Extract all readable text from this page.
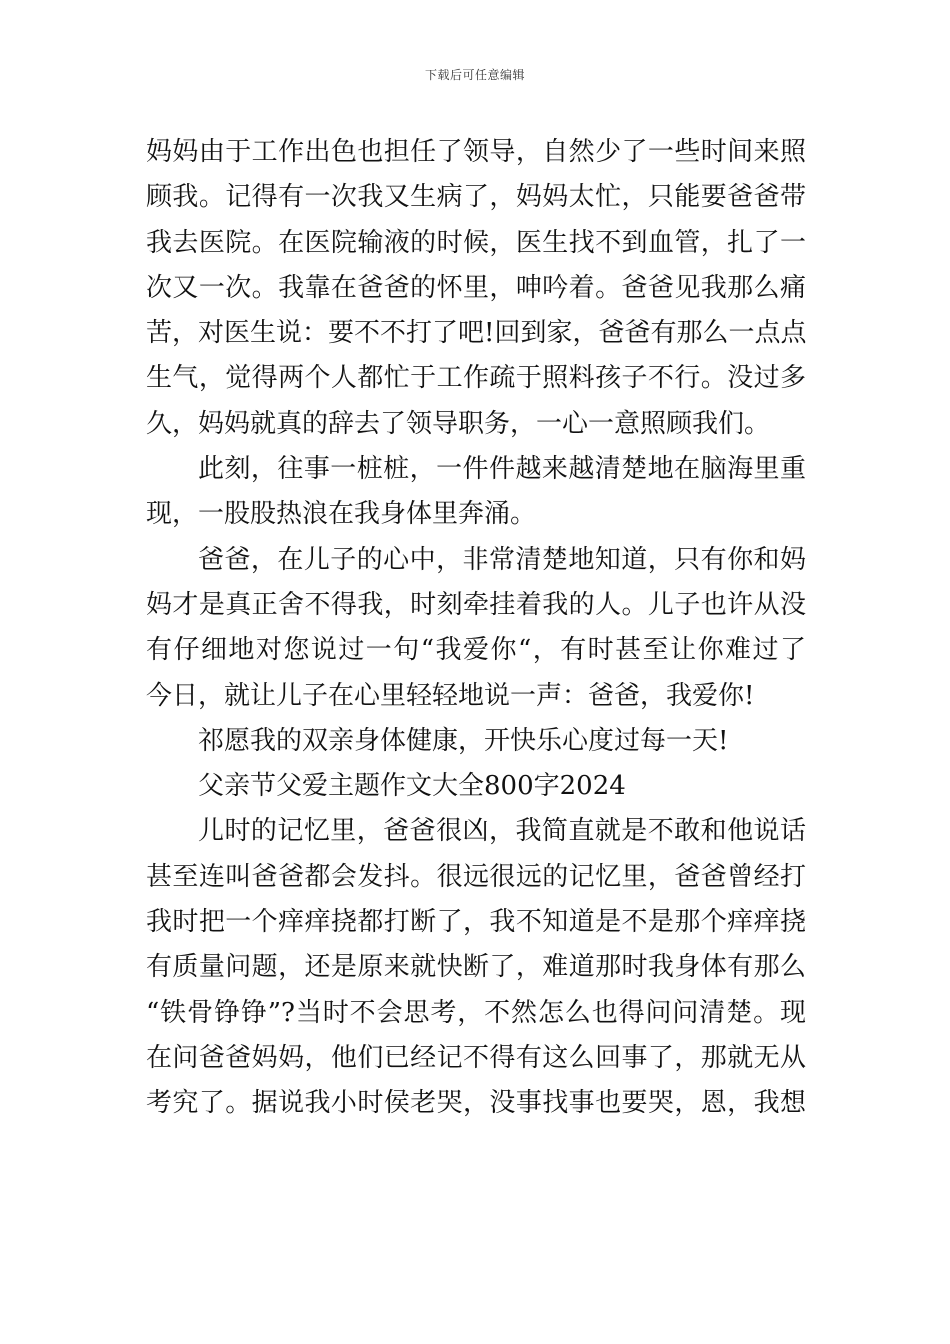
下载后可任意编辑
妈妈由于工作出色也担任了领导，自然少了一些时间来照
顾我。记得有一次我又生病了，妈妈太忙，只能要爸爸带
我去医院。在医院输液的时候，医生找不到血管，扎了一
次又一次。我靠在爸爸的怀里，呻吟着。爸爸见我那么痛
苦，对医生说：要不不打了吧!回到家，爸爸有那么一点点
生气，觉得两个人都忙于工作疏于照料孩子不行。没过多
久，妈妈就真的辞去了领导职务，一心一意照顾我们。
此刻，往事一桩桩，一件件越来越清楚地在脑海里重
现，一股股热浪在我身体里奔涌。
爸爸，在儿子的心中，非常清楚地知道，只有你和妈
妈才是真正舍不得我，时刻牵挂着我的人。儿子也许从没
有仔细地对您说过一句“我爱你“，有时甚至让你难过了
今日，就让儿子在心里轻轻地说一声：爸爸，我爱你!
祁愿我的双亲身体健康，开快乐心度过每一天!
父亲节父爱主题作文大全800字2024
儿时的记忆里，爸爸很凶，我简直就是不敢和他说话
甚至连叫爸爸都会发抖。很远很远的记忆里，爸爸曾经打
我时把一个痒痒挠都打断了，我不知道是不是那个痒痒挠
有质量问题，还是原来就快断了，难道那时我身体有那么
“铁骨铮铮”?当时不会思考，不然怎么也得问问清楚。现
在问爸爸妈妈，他们已经记不得有这么回事了，那就无从
考究了。据说我小时侯老哭，没事找事也要哭，恩，我想
